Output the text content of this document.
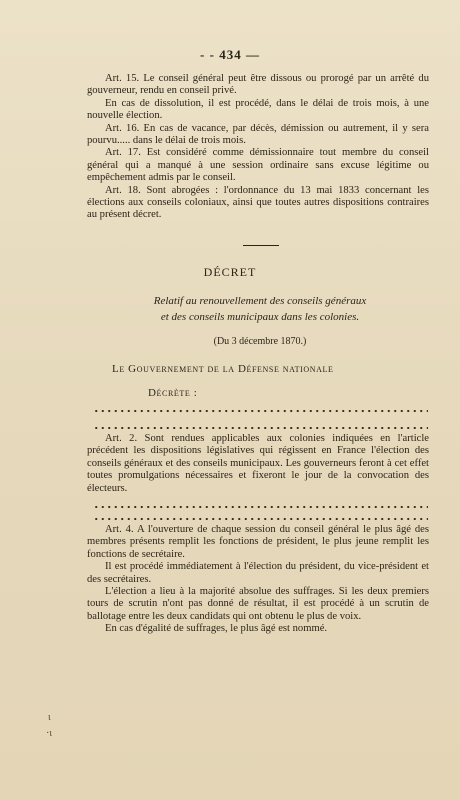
- - 434 —

Art. 15. Le conseil général peut être dissous ou prorogé par un arrêté du gouverneur, rendu en conseil privé.

En cas de dissolution, il est procédé, dans le délai de trois mois, à une nouvelle élection.

Art. 16. En cas de vacance, par décès, démission ou autrement, il y sera pourvu..... dans le délai de trois mois.

Art. 17. Est considéré comme démissionnaire tout membre du conseil général qui a manqué à une session ordinaire sans excuse légitime ou empêchement admis par le conseil.

Art. 18. Sont abrogées : l'ordonnance du 13 mai 1833 concernant les élections aux conseils coloniaux, ainsi que toutes autres dispositions contraires au présent décret.

DÉCRET
Relatif au renouvellement des conseils généraux
et des conseils municipaux dans les colonies.
(Du 3 décembre 1870.)
Le Gouvernement de la Défense nationale
Décrète :

Art. 2. Sont rendues applicables aux colonies indiquées en l'article précédent les dispositions législatives qui régissent en France l'élection des conseils généraux et des conseils municipaux. Les gouverneurs feront à cet effet toutes promulgations nécessaires et fixeront le jour de la convocation des électeurs.

Art. 4. A l'ouverture de chaque session du conseil général le plus âgé des membres présents remplit les fonctions de président, le plus jeune remplit les fonctions de secrétaire.

Il est procédé immédiatement à l'élection du président, du vice-président et des secrétaires.

L'élection a lieu à la majorité absolue des suffrages. Si les deux premiers tours de scrutin n'ont pas donné de résultat, il est procédé à un scrutin de ballotage entre les deux candidats qui ont obtenu le plus de voix.

En cas d'égalité de suffrages, le plus âgé est nommé.

ɩ
·ɩ
